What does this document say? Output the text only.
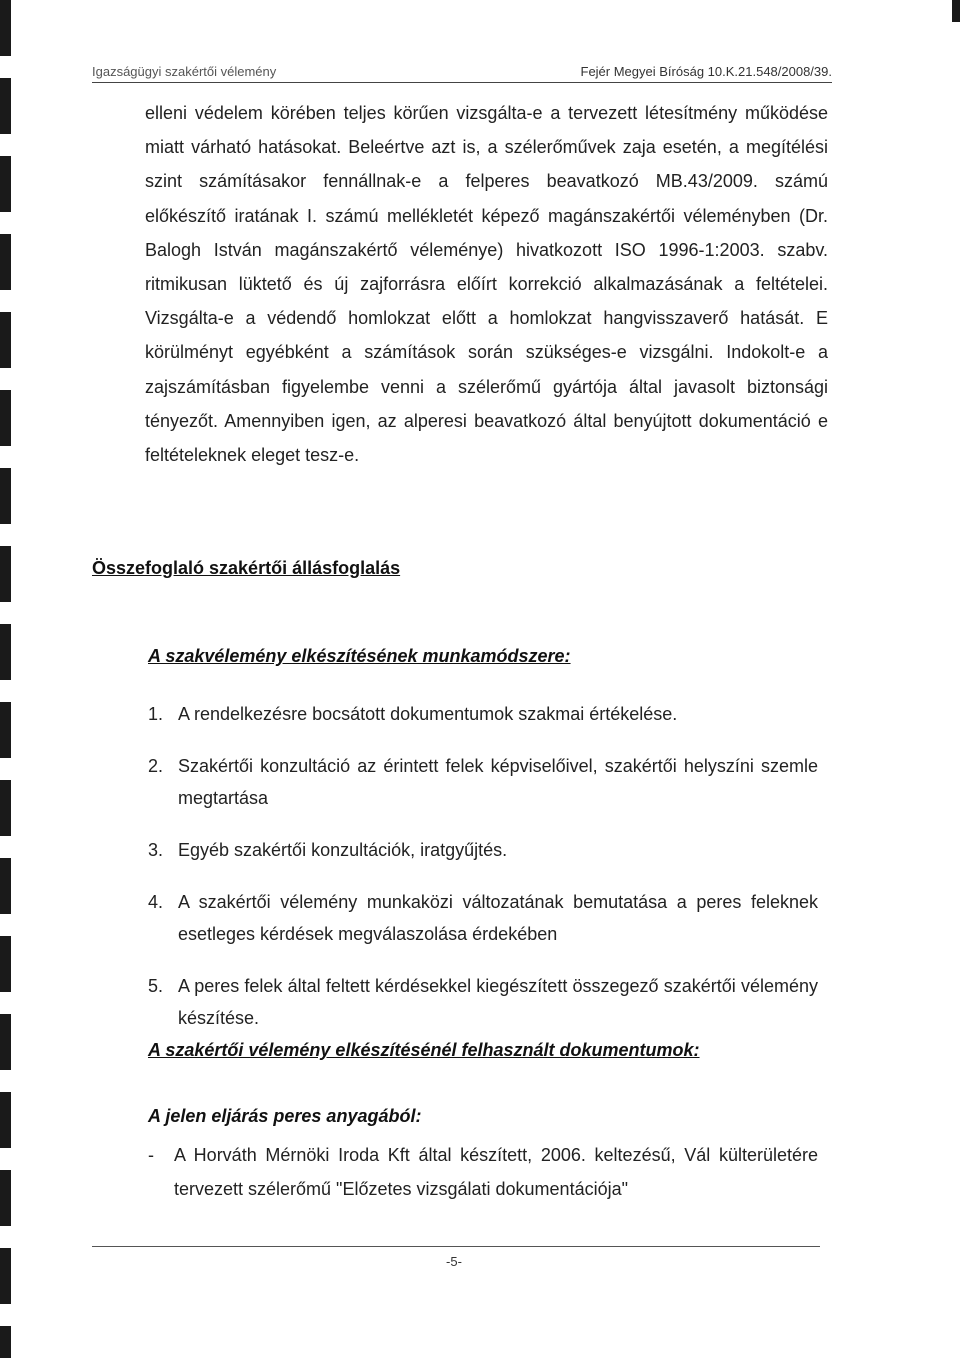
Igazságügyi szakértői vélemény	Fejér Megyei Bíróság 10.K.21.548/2008/39.

elleni védelem körében teljes körűen vizsgálta-e a tervezett létesítmény működése miatt várható hatásokat. Beleértve azt is, a szélerőművek zaja esetén, a megítélési szint számításakor fennállnak-e a felperes beavatkozó MB.43/2009. számú előkészítő iratának I. számú mellékletét képező magánszakértői véleményben (Dr. Balogh István magánszakértő véleménye) hivatkozott ISO 1996-1:2003. szabv. ritmikusan lüktető és új zajforrásra előírt korrekció alkalmazásának a feltételei. Vizsgálta-e a védendő homlokzat előtt a homlokzat hangvisszaverő hatását. E körülményt egyébként a számítások során szükséges-e vizsgálni. Indokolt-e a zajszámításban figyelembe venni a szélerőmű gyártója által javasolt biztonsági tényezőt. Amennyiben igen, az alperesi beavatkozó által benyújtott dokumentáció e feltételeknek eleget tesz-e.

Összefoglaló szakértői állásfoglalás
A szakvélemény elkészítésének munkamódszere:
1. A rendelkezésre bocsátott dokumentumok szakmai értékelése.
2. Szakértői konzultáció az érintett felek képviselőivel, szakértői helyszíni szemle megtartása
3. Egyéb szakértői konzultációk, iratgyűjtés.
4. A szakértői vélemény munkaközi változatának bemutatása a peres feleknek esetleges kérdések megválaszolása érdekében
5. A peres felek által feltett kérdésekkel kiegészített összegező szakértői vélemény készítése.
A szakértői vélemény elkészítésénél felhasznált dokumentumok:
A jelen eljárás peres anyagából:
- A Horváth Mérnöki Iroda Kft által készített, 2006. keltezésű, Vál külterületére tervezett szélerőmű "Előzetes vizsgálati dokumentációja"
-5-
